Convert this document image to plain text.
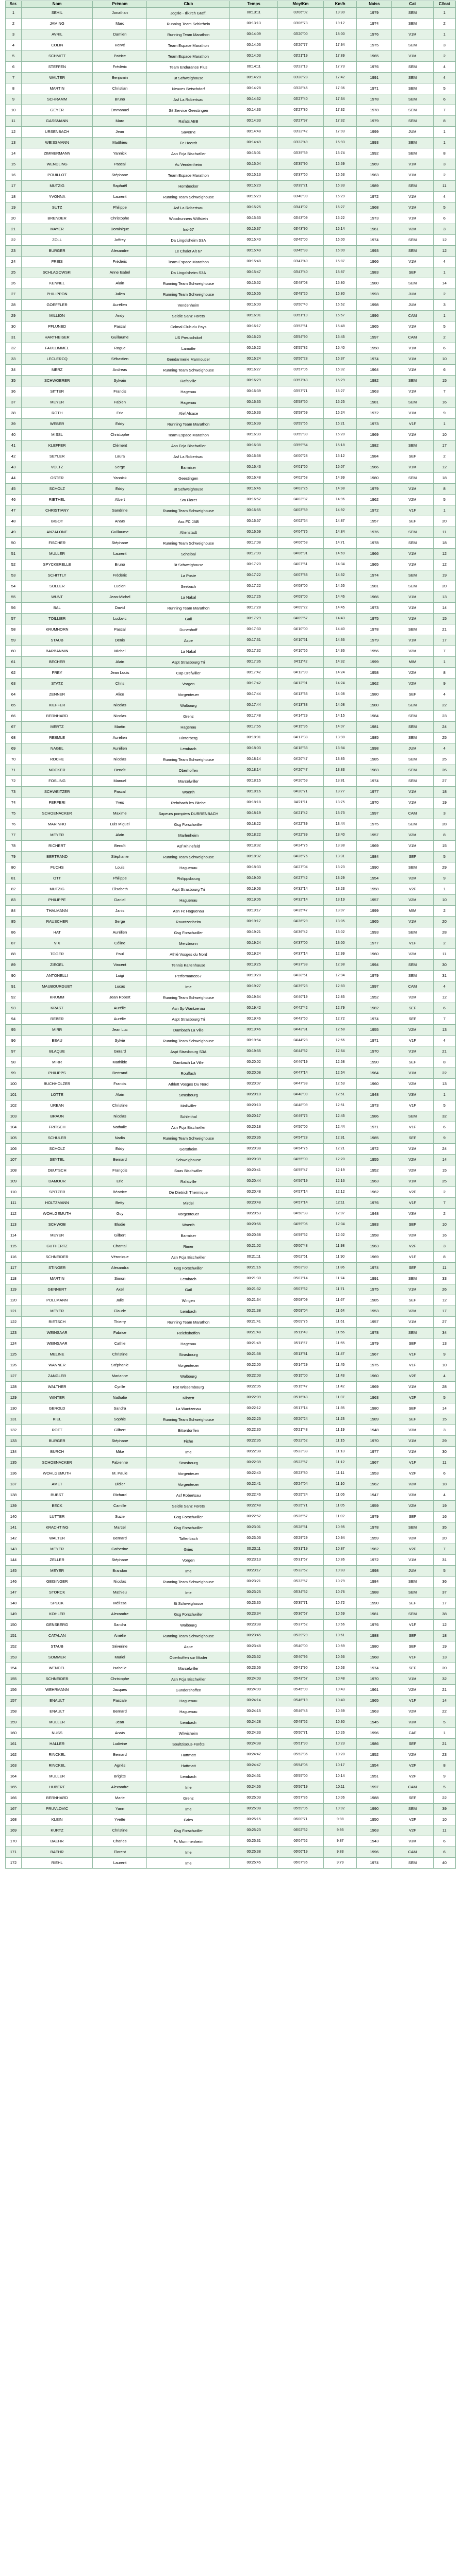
Scr.	Nom	Prénom	Club	Temps	Moy/Km	Km/h	Naiss	Cat	Cl/cat
1	SEHIL	Jonathan	Jog'Ile - Illkirch Graff.	00:13:11	03'06"02	19:30	1979	SEM	1
2	JAMING	Marc	Running Team Schirrhein	00:13:13	03'06"73	19:12	1974	SEM	2
3	AVRIL	Damien	Running Team Marathon	00:14:09	03'20"00	18:00	1976	V1M	1
4	COLIN	Hervé	Team Espace Marathon	00:14:03	03'20"77	17:94	1975	SEM	3
5	SCHMITT	Patrice	Team Espace Marathon	00:14:03	03'21"19	17:89	1965	V1M	2
6	STEFFEN	Frédéric	Team Endurance Plus	00:14:11	03'23"19	17:73	1976	SEM	4
7	WALTER	Benjamin	Bt Schweighouse	00:14:28	03'28"28	17:42	1991	SEM	4
8	MARTIN	Christian	Neuves Betschdorf	00:14:28	03'28"46	17:36	1971	SEM	5
9	SCHRAMM	Bruno	Asf La Robertsau	00:14:32	03'27"40	17:34	1978	SEM	6
10	GEYER	Emmanuel	Sit Service Geestingen	00:14:33	03'27"80	17:32	1978	SEM	7
11	GASSMANN	Marc	Rafats ABB	00:14:33	03'27"97	17:32	1979	SEM	8
12	URSENBACH	Jean	Saverne	00:14:48	03'32"42	17:03	1999	JUM	1
13	WEISSMANN	Matthieu	Fc Hoerdt	00:14:49	03'32"49	16:93	1993	SEM	1
14	ZIMMERMANN	Yannick	Asn Fcja Bischwiller	00:15:01	03'35"39	16:74	1992	SEM	8
15	WENDLING	Pascal	Ac Vendenheim	00:15:04	03'35"90	16:69	1969	V1M	3
16	POUILLOT	Stéphane	Team Espace Marathon	00:15:13	03'37"60	16:53	1963	V1M	2
17	MUTZIG	Raphaël	Hornbecker	00:15:20	03'39"21	16:33	1989	SEM	11
18	YVONNA	Laurent	Running Team Schweighouse	00:15:29	03'40"90	16:29	1972	V1M	4
19	SUTZ	Philippe	Asf La Robertsau	00:15:25	03'41"02	16:27	1968	V1M	5
20	BRENDER	Christophe	Woodrunners Wilfstein	00:15:33	03'43"09	16:22	1973	V1M	6
21	MAYER	Dominique	Ind-67	00:15:37	03'43"90	16:14	1961	V2M	3
22	ZOLL	Joffrey	Da Lingolsheim S3A	00:15:40	03'45"00	16:00	1974	SEM	12
23	BURGER	Alexandre	Le Chalet Alt 67	00:15:49	03'45"89	16:00	1993	SEM	12
24	FREIS	Frédéric	Team Espace Marathon	00:15:48	03'47"40	15:87	1966	V1M	4
25	SCHLAGOWSKI	Anne Isabel	Da Lingolsheim S3A	00:15:47	03'47"40	15:87	1983	SEF	1
26	KENNEL	Alain	Running Team Schweighouse	00:15:52	03'48"08	15:80	1980	SEM	14
27	PHILIPPON	Julien	Running Team Schweighouse	00:15:55	03'49"20	15:80	1993	JUM	2
28	GOEFFLER	Aurélien	Vendenheim	00:16:00	03'50"40	15:62	1998	JUM	3
29	MILLION	Andy	Seidle Sanz Forets	00:16:01	03'51"19	15:57	1996	CAM	1
30	PFLUNED	Pascal	Colmal Club du Pays	00:16:17	03'53"61	15:48	1965	V1M	5
31	HARTHEISER	Guillaume	US Preuschdorf	00:16:20	03'54"90	15:45	1997	CAM	2
32	FAULLIMMEL	Rogue	Lamotte	00:16:22	03'55"82	15:40	1958	V1M	6
33	LECLERCQ	Sébastien	Gendarmerie Marmoutier	00:16:24	03'56"28	15:37	1974	V1M	10
34	MERZ	Andreas	Running Team Schweighouse	00:16:27	03'57"06	15:32	1964	V1M	6
35	SCHWOERER	Sylvain	Rafatville	00:16:29	03'57"43	15:29	1982	SEM	15
36	SITTER	Francis	Hagenau	00:16:39	03'57"71	15:27	1963	V1M	7
37	MEYER	Fabien	Hagenau	00:16:35	03'58"50	15:25	1981	SEM	16
38	ROTH	Eric	Afef Alsace	00:16:33	03'58"59	15:24	1972	V1M	9
39	WEBER	Eddy	Running Team Marathon	00:16:39	03'59"66	15:21	1973	V1F	1
40	MISSL	Christophe	Team Espace Marathon	00:16:39	03'59"80	15:20	1969	V1M	10
41	KLEFFER	Clément	Asn Fcja Bischwiller	00:16:38	03'59"54	15:18	1982	SEM	17
42	SEYLER	Laura	Asf La Robertsau	00:16:58	04'00"28	15:12	1984	SEF	2
43	VOLTZ	Serge	Barmiser	00:16:43	04'01"60	15:07	1966	V1M	12
44	OSTER	Yannick	Geestingen	00:16:48	04'02"68	14:99	1980	SEM	18
45	SCHOLZ	Eddy	Bt Schweighouse	00:16:46	04'03"25	14:98	1979	V1M	8
46	RIETHEL	Albert	Sm Fioret	00:16:52	04'03"87	14:96	1962	V2M	5
47	CHRISTIANY	Sandrine	Running Team Schweighouse	00:16:55	04'03"59	14:92	1972	V1F	1
48	BIGOT	Anaïs	Ass FC JAB	00:16:57	04'02"54	14:87	1957	SEF	20
49	ANZALONE	Guillaume	Altenstadt	00:16:59	04'04"75	14:84	1976	SEM	11
50	FISCHER	Stéphane	Running Team Schweighouse	00:17:08	04'06"58	14:71	1978	SEM	18
51	MULLER	Laurent	Scheibal	00:17:09	04'06"91	14:69	1966	V1M	12
52	SPYCKERELLE	Bruno	Bt Schweighouse	00:17:20	04'07"61	14:34	1965	V1M	12
53	SCHITTLY	Frédéric	La Poste	00:17:22	04'07"83	14:32	1974	SEM	19
54	SOLLER	Lucien	Seebach	00:17:22	04'08"00	14:55	1981	SEM	20
55	WUNT	Jean-Michel	La Nakal	00:17:26	04'09"00	14:46	1966	V1M	13
56	BAL	David	Running Team Marathon	00:17:28	04'09"22	14:45	1973	V1M	14
57	TOILLIER	Ludovic	Gail	00:17:29	04'09"67	14:43	1975	V1M	15
58	KRUMHORN	Pascal	Dunenhoff	00:17:30	04'10"00	14:40	1978	SEM	21
59	STAUB	Denis	Aspe	00:17:31	04'10"51	14:36	1979	V1M	17
60	BARBANNIN	Michel	La Nakal	00:17:32	04'10"56	14:36	1956	V2M	7
61	BECHER	Alain	Aspt Strasbourg Tri	00:17:36	04'11"42	14:32	1999	MIM	1
62	FREY	Jean Louis	Cap Drefwiller	00:17:42	04'12"90	14:24	1958	V2M	8
63	STATZ	Chris	Vorgen	00:17:42	04'12"91	14:24	1962	V2M	9
64	ZENNER	Alice	Vorgenteuer	00:17:44	04'13"33	14:08	1980	SEF	4
65	KIEFFER	Nicolas	Walbourg	00:17:44	04'13"33	14:08	1980	SEM	22
66	BERNHARD	Nicolas	Grenz	00:17:48	04'14"29	14:15	1984	SEM	23
67	MERTZ	Martin	Hagenau	00:17:55	04'15"95	14:07	1981	SEM	24
68	REBMLE	Aurélien	Hinterberg	00:18:01	04'17"38	13:98	1985	SEM	25
69	NAGEL	Aurélien	Lembach	00:18:03	04'18"33	13:94	1998	JUM	4
70	ROCHE	Nicolas	Running Team Schweighouse	00:18:14	04'20"47	13:85	1985	SEM	25
71	NOCKER	Benoît	Oberhoffen	00:18:14	04'20"47	13:83	1983	SEM	26
72	FOSLING	Manuel	Marcelwiller	00:18:15	04'20"59	13:81	1974	SEM	27
73	SCHWEITZER	Pascal	Woerth	00:18:16	04'20"71	13:77	1977	V1M	18
74	PERFERI	Yves	Rehrbach les Bitche	00:18:18	04'21"11	13:75	1970	V1M	19
75	SCHOENACKER	Maxime	Sapeurs pompiers DURRENBACH	00:18:19	04'21"42	13:73	1997	CAM	3
76	MARINHO	Luis Miguel	Gsg Forschwiller	00:18:22	04'22"39	13:44	1975	SEM	28
77	MEYER	Alain	Marlenheim	00:18:22	04'22"39	13:40	1957	V2M	8
78	RICHERT	Benoît	Asf Rhinefeld	00:18:32	04'24"76	13:38	1969	V1M	15
79	BERTRAND	Stéphanie	Running Team Schweighouse	00:18:32	04'26"76	13:31	1984	SEF	5
80	FUCHS	Louis	Haguenau	00:18:33	04'27"04	13:23	1990	SEM	29
81	OTT	Philippe	Philippsbourg	00:19:00	04'27"42	13:29	1954	V2M	9
82	MUTZIG	Elisabeth	Aspt Strasbourg Tri	00:19:03	04'32"14	13:23	1958	V2F	1
83	PHILIPPE	Daniel	Haguenau	00:19:06	04'32"14	13:19	1957	V2M	10
84	THALMANN	Janis	Asn Fc Haguenau	00:19:17	04'35"47	13:07	1999	MIM	2
85	RAUSCHER	Serge	Rountzenheim	00:19:17	04'36"29	13:05	1965	V1M	20
86	HAT	Aurélien	Gsg Forschwiller	00:19:21	04'36"42	13:02	1993	SEM	28
87	VIX	Céline	Merzbronn	00:19:24	04'37"00	13:00	1977	V1F	2
88	TOGER	Paul	Athlé Vosges du Nord	00:19:24	04'37"14	12:99	1960	V2M	11
89	ZIEGEL	Vincent	Tennis Kaltenhause	00:19:25	04'37"38	12:98	1994	SEM	30
90	ANTONELLI	Luigi	Performance67	00:19:28	04'38"51	12:94	1979	SEM	31
91	MAUBOURGUET	Lucas	Ime	00:19:27	04'39"23	12:83	1997	CAM	4
92	KRUMM	Jean Robert	Running Team Schweighouse	00:19:34	04'40"19	12:85	1952	V2M	12
93	KRAST	Aurélie	Asn Sp Wantzenau	00:19:42	04'42"42	12:79	1982	SEF	6
94	REBER	Aurélie	Aspt Strasbourg Tri	00:19:46	04'43"50	12:72	1974	SEF	7
95	MIRR	Jean Luc	Dambach La Ville	00:19:46	04'43"81	12:68	1955	V2M	13
96	BEAU	Sylvie	Running Team Schweighouse	00:19:54	04'44"28	12:66	1971	V1F	4
97	BLAQUE	Gerard	Aspt Strasbourg S3A	00:19:55	04'44"52	12:64	1970	V1M	21
98	MIRR	Mathilde	Dambach La Ville	00:20:02	04'46"19	12:58	1990	SEF	8
99	PHILIPPS	Bertrand	Rouffach	00:20:08	04'47"14	12:54	1964	V1M	22
100	BUCHHOLZER	Francis	Athlett Vosges Du Nord	00:20:07	04'47"38	12:53	1960	V2M	13
101	LOTTE	Alain	Strasbourg	00:20:10	04'48"09	12:51	1948	V3M	1
102	URBAN	Christine	Mollwiller	00:20:10	04'48"09	12:51	1973	V1F	5
103	BRAUN	Nicolas	Schleithal	00:20:17	04'49"76	12:45	1986	SEM	32
104	FRITSCH	Nathalie	Asn Fcja Bischwiller	00:20:18	04'50"00	12:44	1971	V1F	6
105	SCHULER	Nadia	Running Team Schweighouse	00:20:36	04'54"28	12:31	1985	SEF	9
106	SCHOLZ	Eddy	Gerstheim	00:20:38	04'54"76	12:21	1972	V1M	24
107	SEYTEL	Bernard	Schweighouse	00:20:39	04'55"00	12:20	1955	V2M	14
108	DEUTSCH	François	Saas Bischwiller	00:20:41	04'55"47	12:19	1952	V2M	15
109	DAMOUR	Eric	Rafatville	00:20:44	04'56"19	12:16	1963	V1M	25
110	SPITZER	Béatrice	De Dietrich Thermique	00:20:48	04'57"14	12:12	1962	V2F	2
111	HOLTZMANN	Betty	Mirdel	00:20:48	04'57"14	12:11	1976	V1F	7
112	WOHLGEMUTH	Guy	Vorgenteuer	00:20:53	04'58"33	12:07	1948	V3M	2
113	SCHWOB	Elodie	Woerth	00:20:56	04'59"06	12:04	1983	SEF	10
114	MEYER	Gilbert	Barmiser	00:20:58	04'59"52	12:02	1958	V2M	16
115	GUTHERTZ	Chantal	Rimer	00:21:02	05'00"48	11:98	1963	V2F	3
116	SCHNEIDER	Véronique	Asn Fcja Bischwiller	00:21:11	05'02"61	11:90	1969	V1F	8
117	STINGER	Alexandra	Gsg Forschwiller	00:21:16	05'03"80	11:86	1974	SEF	11
118	MARTIN	Simon	Lembach	00:21:30	05'07"14	11:74	1991	SEM	33
119	GENNERT	Axel	Gail	00:21:32	05'07"62	11:71	1975	V1M	26
120	POLLMANN	Julie	Wingen	00:21:34	05'08"09	11:67	1985	SEF	12
121	MEYER	Claude	Lembach	00:21:38	05'09"04	11:64	1953	V2M	17
122	RIETSCH	Thierry	Running Team Marathon	00:21:41	05'09"76	11:61	1957	V1M	27
123	WEINSAAR	Fabrice	Reichshoffen	00:21:48	05'11"43	11:56	1978	SEM	34
124	WEINSAAR	Cathie	Hagenau	00:21:49	05'11"67	11:55	1979	SEF	13
125	MELINE	Christine	Strasbourg	00:21:58	05'13"81	11:47	1967	V1F	9
126	WANNER	Stéphanie	Vorgenteuer	00:22:00	05'14"29	11:45	1975	V1F	10
127	ZANGLER	Marianne	Walbourg	00:22:03	05'15"00	11:43	1960	V2F	4
128	WALTHER	Cyrille	Rot Wissembourg	00:22:05	05'15"47	11:42	1969	V1M	28
129	WINTER	Nathalie	Kilstett	00:22:09	05'16"43	11:37	1963	V2F	5
130	GEROLD	Sandra	La Wantzenau	00:22:12	05'17"14	11:35	1980	SEF	14
131	KIEL	Sophie	Running Team Schweighouse	00:22:25	05'20"24	11:23	1989	SEF	15
132	ROTT	Gilbert	Bitterdorffen	00:22:30	05'21"43	11:19	1948	V3M	3
133	BURGER	Stéphane	Fiche	00:22:35	05'22"62	11:15	1970	V1M	29
134	BURCH	Mike	Ime	00:22:38	05'23"33	11:13	1977	V1M	30
135	SCHOENACKER	Fabienne	Strasbourg	00:22:39	05'23"57	11:12	1967	V1F	11
136	WOHLGEMUTH	M. Paule	Vorgenteuer	00:22:40	05'23"80	11:11	1953	V2F	6
137	AMET	Didier	Vorgenteuer	00:22:41	05'24"04	11:10	1962	V2M	18
138	BUBST	Richard	Asf Robertsau	00:22:46	05'25"24	11:06	1947	V3M	4
139	BECK	Camille	Seidle Sanz Forets	00:22:48	05'25"71	11:05	1959	V2M	19
140	LUTTER	Suzie	Gsg Forschwiller	00:22:52	05'26"67	11:02	1979	SEF	16
141	KRACHTING	Marcel	Gsg Forschwiller	00:23:01	05'28"81	10:95	1978	SEM	35
142	WALTER	Bernard	Taffenbach	00:23:03	05'29"29	10:94	1959	V2M	20
143	MEYER	Catherine	Gries	00:23:11	05'31"19	10:87	1962	V2F	7
144	ZELLER	Stéphane	Vorgen	00:23:13	05'31"67	10:86	1972	V1M	31
145	MEYER	Brandon	Ime	00:23:17	05'32"62	10:83	1998	JUM	5
146	GEISINGER	Nicolas	Running Team Schweighouse	00:23:21	05'33"57	10:79	1984	SEM	36
147	STORCK	Mathieu	Ime	00:23:25	05'34"52	10:76	1988	SEM	37
148	SPECK	Mélissa	Bt Schweighouse	00:23:30	05'35"71	10:72	1990	SEF	17
149	KOHLER	Alexandre	Gsg Forschwiller	00:23:34	05'36"67	10:69	1981	SEM	38
150	GENSBERG	Sandra	Walbourg	00:23:38	05'37"62	10:66	1976	V1F	12
151	CATALAN	Amélie	Running Team Schweighouse	00:23:45	05'39"29	10:61	1988	SEF	18
152	STAUB	Séverine	Aspe	00:23:48	05'40"00	10:59	1980	SEF	19
153	SOMMER	Muriel	Oberhoffen sur Moder	00:23:52	05'40"95	10:56	1968	V1F	13
154	WENDEL	Isabelle	Marcelwiller	00:23:56	05'41"90	10:53	1974	SEF	20
155	SCHNEIDER	Christophe	Asn Fcja Bischwiller	00:24:03	05'43"57	10:48	1970	V1M	32
156	WEHRMANN	Jacques	Gundershoffen	00:24:09	05'45"00	10:43	1961	V2M	21
157	ENAULT	Pascale	Haguenau	00:24:14	05'46"19	10:40	1965	V1F	14
158	ENAULT	Bernard	Haguenau	00:24:15	05'46"43	10:39	1963	V2M	22
159	MULLER	Jean	Lembach	00:24:28	05'49"52	10:30	1945	V3M	5
160	NUSS	Anaïs	Wilwisheim	00:24:33	05'50"71	10:26	1996	CAF	1
161	HALLER	Ludivine	Soultz/sous-Forêts	00:24:38	05'51"90	10:23	1986	SEF	21
162	RINCKEL	Bernard	Hattmatt	00:24:42	05'52"86	10:20	1952	V2M	23
163	RINCKEL	Agnès	Hattmatt	00:24:47	05'54"05	10:17	1954	V2F	8
164	MULLER	Brigitte	Lembach	00:24:51	05'55"00	10:14	1951	V2F	9
165	HUBERT	Alexandre	Ime	00:24:56	05'56"19	10:11	1997	CAM	5
166	BERNHARD	Marie	Grenz	00:25:03	05'57"86	10:06	1988	SEF	22
167	PRUVLOVIC	Yann	Ime	00:25:08	05'59"05	10:02	1990	SEM	39
168	KLEIN	Yvette	Gries	00:25:15	06'00"71	9:98	1950	V2F	10
169	KURTZ	Christine	Gsg Forschwiller	00:25:23	06'02"62	9:93	1963	V2F	11
170	BAEHR	Charles	Fc Mommenheim	00:25:31	06'04"52	9:87	1943	V3M	6
171	BAEHR	Florent	Ime	00:25:38	06'06"19	9:83	1996	CAM	6
172	RIEHL	Laurent	Ime	00:25:45	06'07"86	9:79	1974	SEM	40
